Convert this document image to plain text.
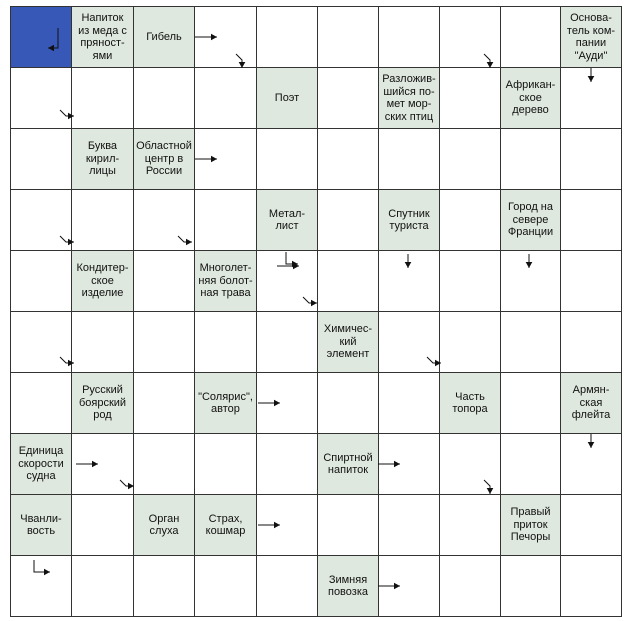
Напиток
из меда с
пряност-
ями
Гибель
Основа-
тель ком-
пании
"Ауди"
Поэт
Разложив-
шийся по-
мет мор-
ских птиц
Африкан-
ское
дерево
Буква
кирил-
лицы
Областной
центр в
России
Метал-
лист
Спутник
туриста
Город на
севере
Франции
Кондитер-
ское
изделие
Многолет-
няя болот-
ная трава
Химичес-
кий
элемент
Русский
боярский
род
"Солярис",
автор
Часть
топора
Армян-
ская
флейта
Единица
скорости
судна
Спиртной
напиток
Чванли-
вость
Орган
слуха
Страх,
кошмар
Правый
приток
Печоры
Зимняя
повозка
